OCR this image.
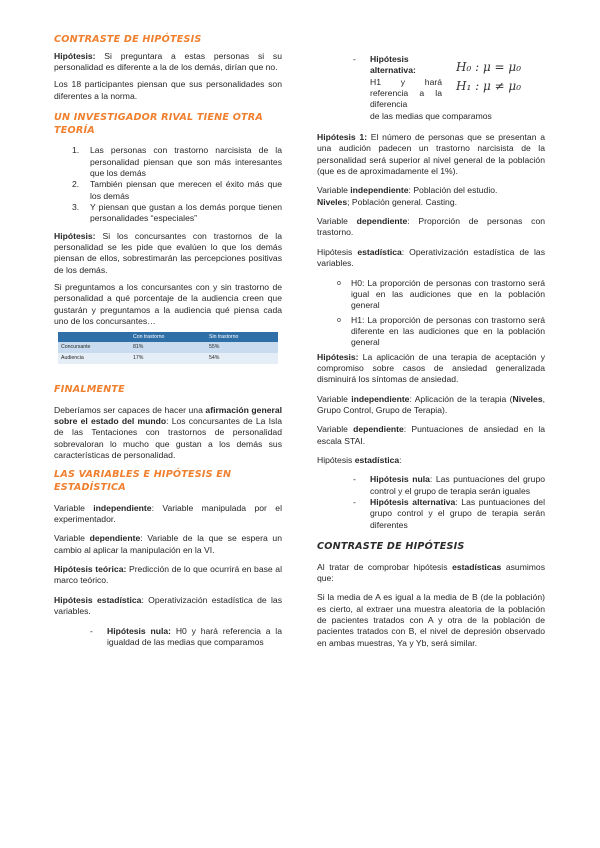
CONTRASTE DE HIPÓTESIS

Hipótesis: Si preguntara a estas personas si su personalidad es diferente a la de los demás, dirían que no.

Los 18 participantes piensan que sus personalidades son diferentes a la norma.

UN INVESTIGADOR RIVAL TIENE OTRA TEORÍA
1.	Las personas con trastorno narcisista de la personalidad piensan que son más interesantes que los demás
2.	También piensan que merecen el éxito más que los demás
3.	Y piensan que gustan a los demás porque tienen personalidades “especiales”

Hipótesis: Si los concursantes con trastornos de la personalidad se les pide que evalúen lo que los demás piensan de ellos, sobrestimarán las percepciones positivas de los demás.

Si preguntamos a los concursantes con y sin trastorno de personalidad a qué porcentaje de la audiencia creen que gustarán y preguntamos a la audiencia qué piensa cada uno de los concursantes…

	Con trastorno	Sin trastorno
Concursante	81%	55%
Audiencia	17%	54%
FINALMENTE

Deberíamos ser capaces de hacer una afirmación general sobre el estado del mundo: Los concursantes de La Isla de las Tentaciones con trastornos de personalidad sobrevaloran lo mucho que gustan a los demás sus características de personalidad.

LAS VARIABLES E HIPÓTESIS EN ESTADÍSTICA

Variable independiente: Variable manipulada por el experimentador.

Variable dependiente: Variable de la que se espera un cambio al aplicar la manipulación en la VI.

Hipótesis teórica: Predicción de lo que ocurrirá en base al marco teórico.

Hipótesis estadística: Operativización estadística de las variables.

-	Hipótesis nula: H0 y hará referencia a la igualdad de las medias que comparamos
-	Hipótesis alternativa:
H1 y hará referencia a la diferencia
H₀ : μ = μ₀
H₁ : μ ≠ μ₀
de las medias que comparamos

Hipótesis 1: El número de personas que se presentan a una audición padecen un trastorno narcisista de la personalidad será superior al nivel general de la población (que es de aproximadamente el 1%).

Variable independiente: Población del estudio.
Niveles; Población general. Casting.

Variable dependiente: Proporción de personas con trastorno.

Hipótesis estadística: Operativización estadística de las variables.

o	H0: La proporción de personas con trastorno será igual en las audiciones que en la población general
o	H1: La proporción de personas con trastorno será diferente en las audiciones que en la población general

Hipótesis: La aplicación de una terapia de aceptación y compromiso sobre casos de ansiedad generalizada disminuirá los síntomas de ansiedad.

Variable independiente: Aplicación de la terapia (Niveles, Grupo Control, Grupo de Terapia).

Variable dependiente: Puntuaciones de ansiedad en la escala STAI.

Hipótesis estadística:

-	Hipótesis nula: Las puntuaciones del grupo control y el grupo de terapia serán iguales
-	Hipótesis alternativa: Las puntuaciones del grupo control y el grupo de terapia serán diferentes
CONTRASTE DE HIPÓTESIS

Al tratar de comprobar hipótesis estadísticas asumimos que:

Si la media de A es igual a la media de B (de la población) es cierto, al extraer una muestra aleatoria de la población de pacientes tratados con A y otra de la población de pacientes tratados con B, el nivel de depresión observado en ambas muestras, Ya y Yb, será similar.
